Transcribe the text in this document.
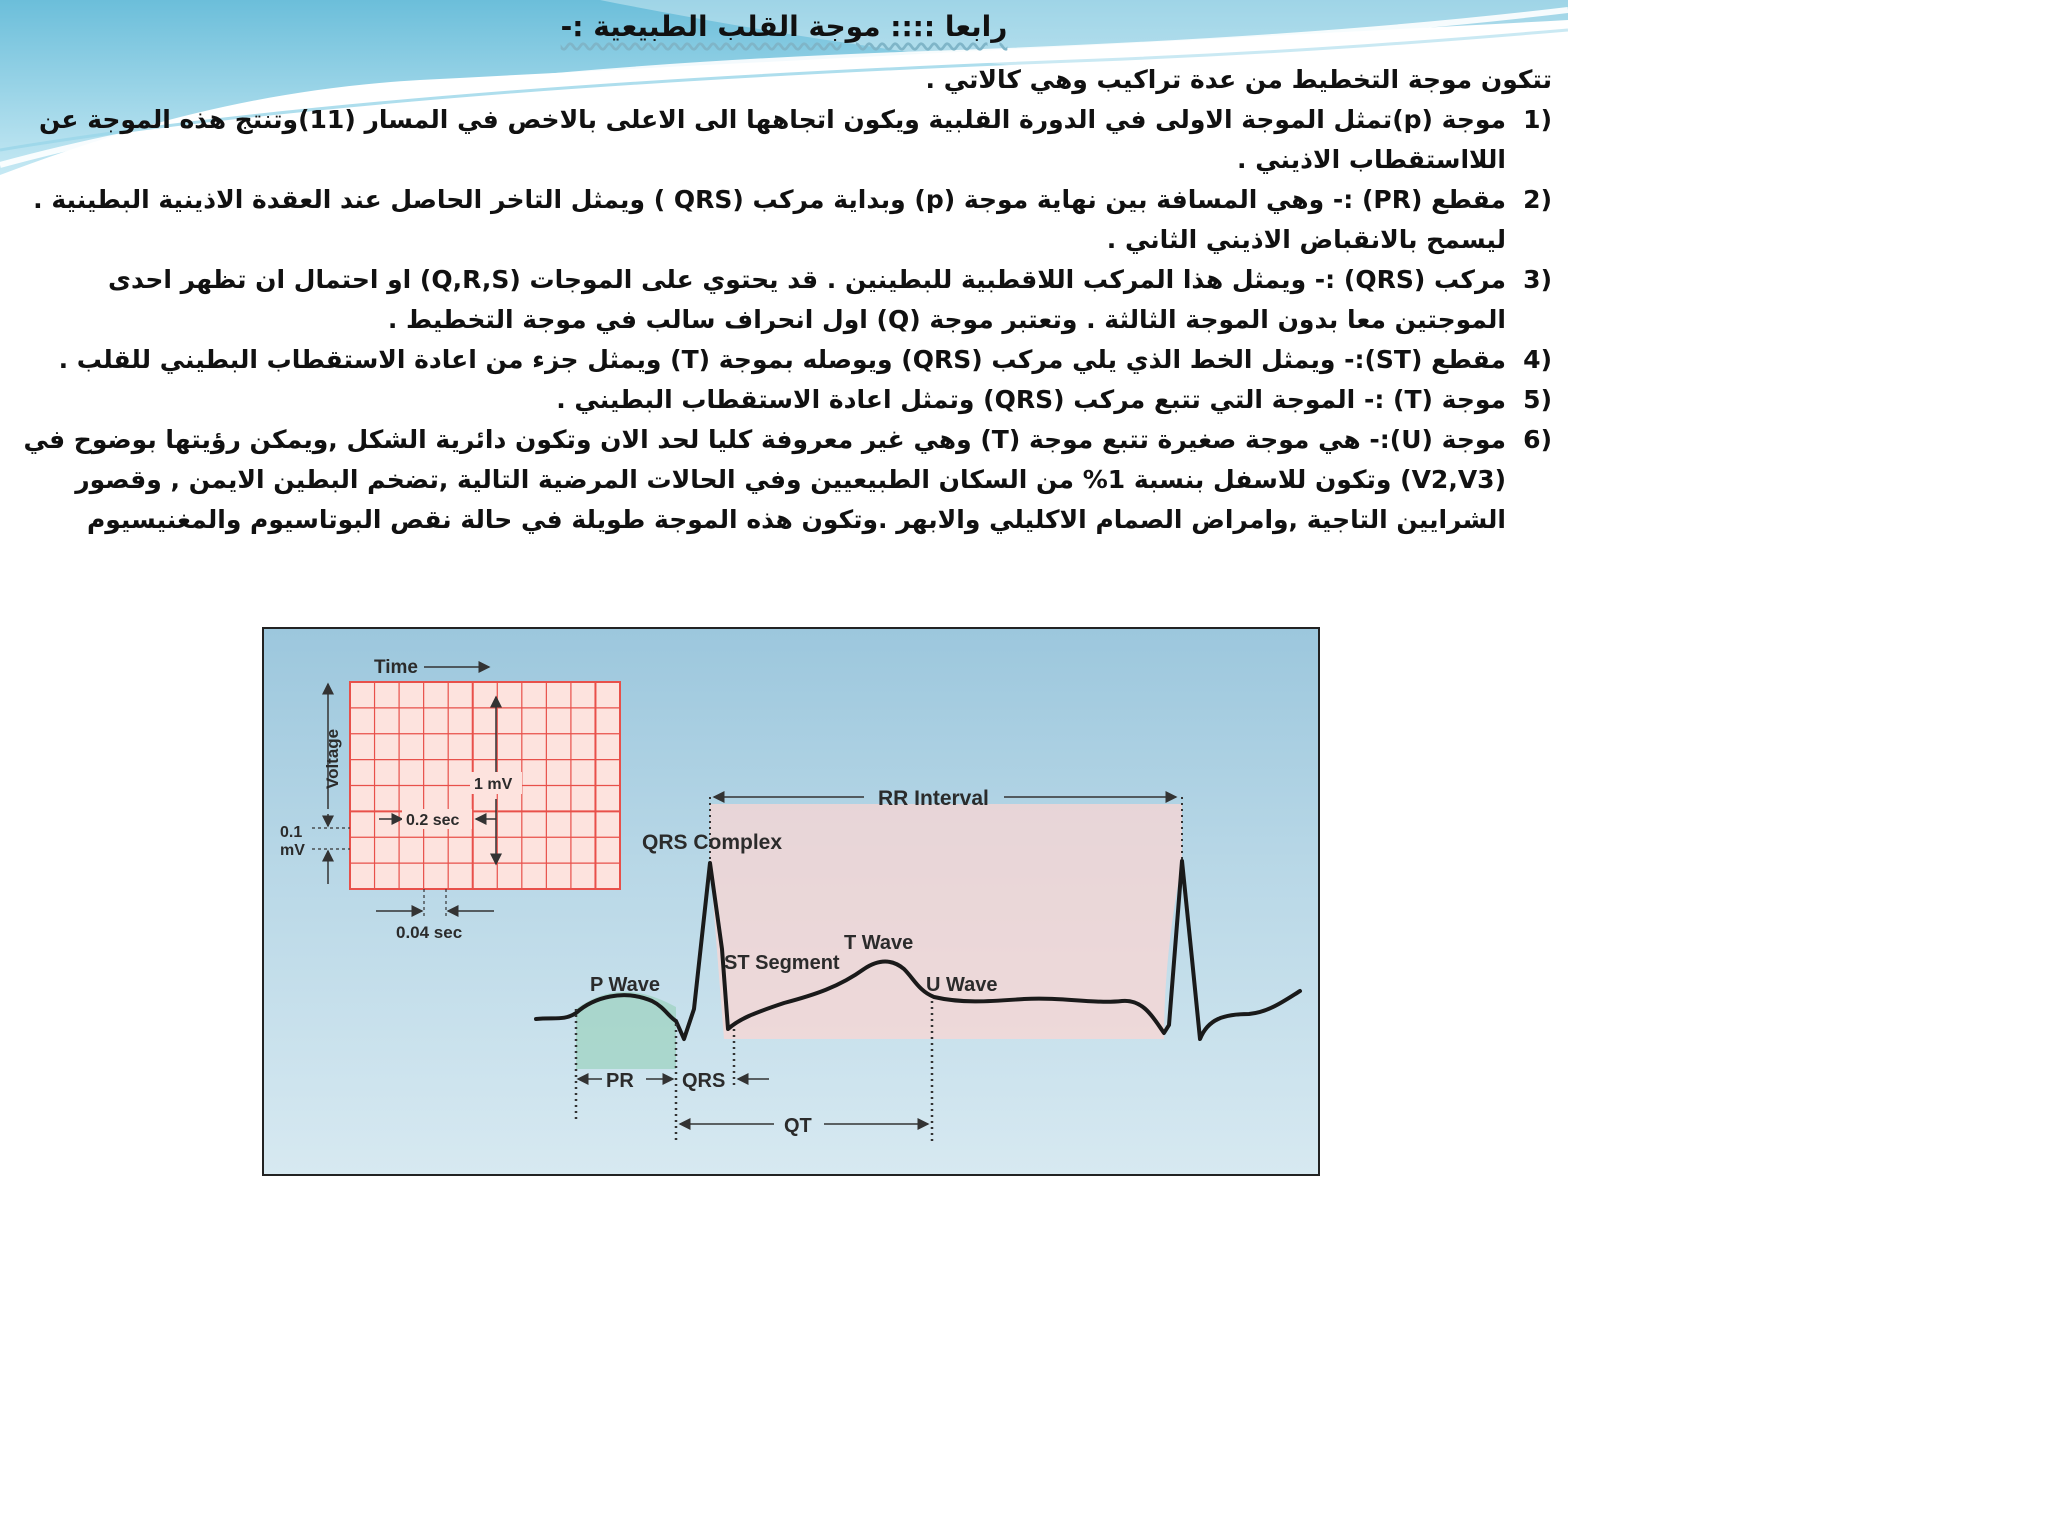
رابعا :::: موجة القلب الطبيعية :-

تتكون موجة التخطيط من عدة تراكيب وهي كالاتي .

1)
موجة (p)تمثل الموجة الاولى في الدورة القلبية ويكون اتجاهها الى الاعلى بالاخص في المسار (11)وتنتج هذه الموجة عن اللااستقطاب الاذيني .
2)
مقطع (PR) :- وهي المسافة بين نهاية موجة (p) وبداية مركب (QRS ) ويمثل التاخر الحاصل عند العقدة الاذينية البطينية . ليسمح بالانقباض الاذيني الثاني .
3)
مركب (QRS) :- ويمثل هذا المركب اللاقطبية للبطينين . قد يحتوي على الموجات (Q,R,S) او احتمال ان تظهر احدى الموجتين معا بدون الموجة الثالثة . وتعتبر موجة (Q) اول انحراف سالب في موجة التخطيط .
4)
مقطع (ST):- ويمثل الخط الذي يلي مركب (QRS) ويوصله بموجة (T) ويمثل جزء من اعادة الاستقطاب البطيني للقلب .
5)
موجة (T) :- الموجة التي تتبع مركب (QRS) وتمثل اعادة الاستقطاب البطيني .
6)
موجة (U):- هي موجة صغيرة تتبع موجة (T) وهي غير معروفة كليا لحد الان وتكون دائرية الشكل ,ويمكن رؤيتها بوضوح في (V2,V3) وتكون للاسفل بنسبة 1% من السكان الطبيعيين وفي الحالات المرضية التالية ,تضخم البطين الايمن , وقصور الشرايين التاجية ,وامراض الصمام الاكليلي والابهر .وتكون هذه الموجة طويلة في حالة نقص البوتاسيوم والمغنيسيوم
Time
Voltage	1 mV
0.2 sec
0.1
mV
0.04 sec
RR Interval
QRS Complex
T Wave
ST Segment
P Wave	U Wave
PR QRS
QT
